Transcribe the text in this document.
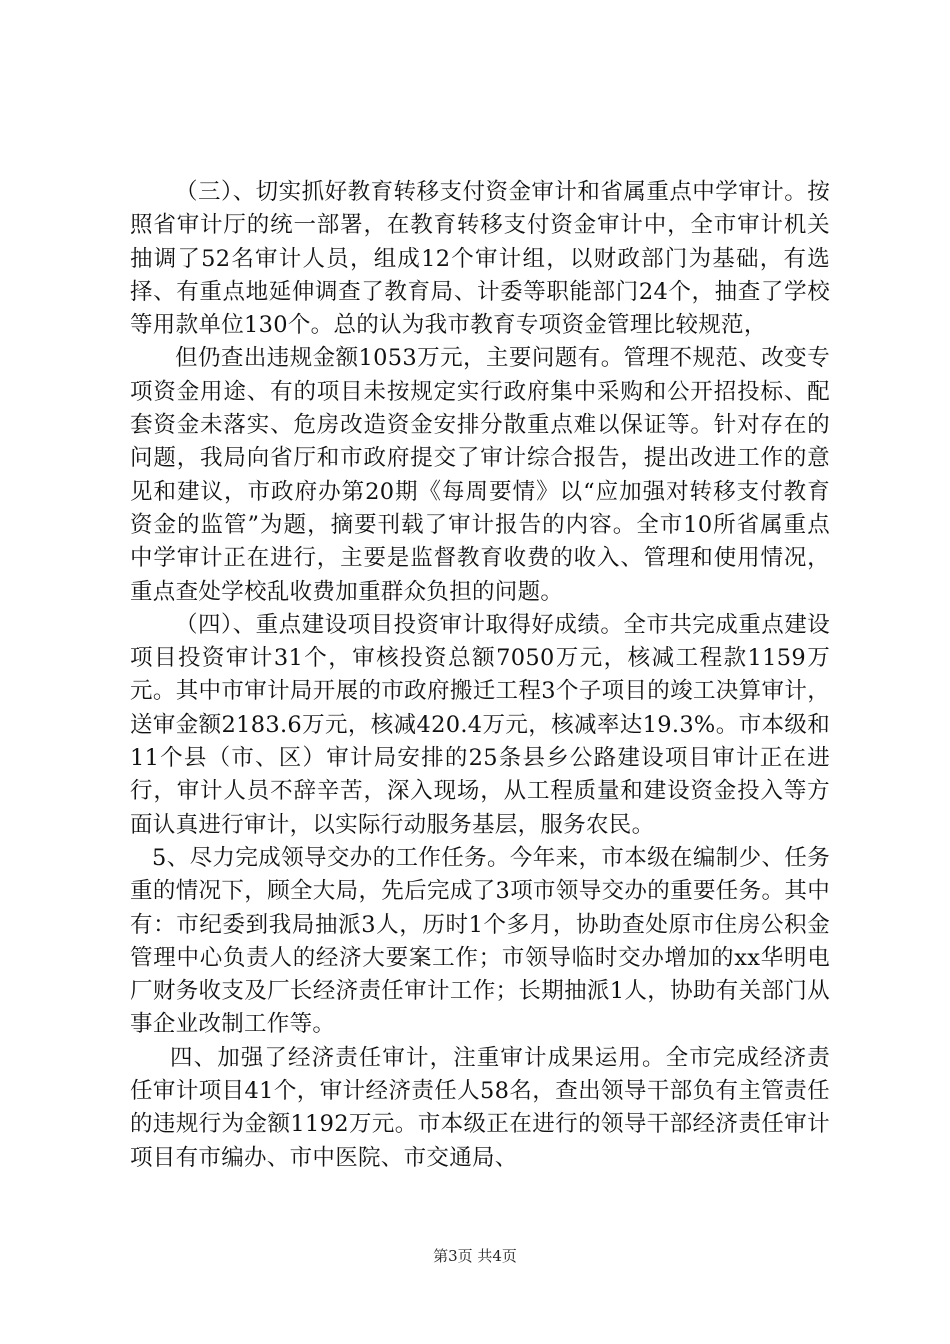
（三）、切实抓好教育转移支付资金审计和省属重点中学审计。按照省审计厅的统一部署，在教育转移支付资金审计中，全市审计机关抽调了52名审计人员，组成12个审计组，以财政部门为基础，有选择、有重点地延伸调查了教育局、计委等职能部门24个，抽查了学校等用款单位130个。总的认为我市教育专项资金管理比较规范，

但仍查出违规金额1053万元，主要问题有。管理不规范、改变专项资金用途、有的项目未按规定实行政府集中采购和公开招投标、配套资金未落实、危房改造资金安排分散重点难以保证等。针对存在的问题，我局向省厅和市政府提交了审计综合报告，提出改进工作的意见和建议，市政府办第20期《每周要情》以“应加强对转移支付教育资金的监管”为题，摘要刊载了审计报告的内容。全市10所省属重点中学审计正在进行，主要是监督教育收费的收入、管理和使用情况，重点查处学校乱收费加重群众负担的问题。

（四）、重点建设项目投资审计取得好成绩。全市共完成重点建设项目投资审计31个，审核投资总额7050万元，核减工程款1159万元。其中市审计局开展的市政府搬迁工程3个子项目的竣工决算审计，送审金额2183.6万元，核减420.4万元，核减率达19.3%。市本级和11个县（市、区）审计局安排的25条县乡公路建设项目审计正在进行，审计人员不辞辛苦，深入现场，从工程质量和建设资金投入等方面认真进行审计，以实际行动服务基层，服务农民。

5、尽力完成领导交办的工作任务。今年来，市本级在编制少、任务重的情况下，顾全大局，先后完成了3项市领导交办的重要任务。其中有：市纪委到我局抽派3人，历时1个多月，协助查处原市住房公积金管理中心负责人的经济大要案工作；市领导临时交办增加的xx华明电厂财务收支及厂长经济责任审计工作；长期抽派1人，协助有关部门从事企业改制工作等。

四、加强了经济责任审计，注重审计成果运用。全市完成经济责任审计项目41个，审计经济责任人58名，查出领导干部负有主管责任的违规行为金额1192万元。市本级正在进行的领导干部经济责任审计项目有市编办、市中医院、市交通局、

第3页 共4页
